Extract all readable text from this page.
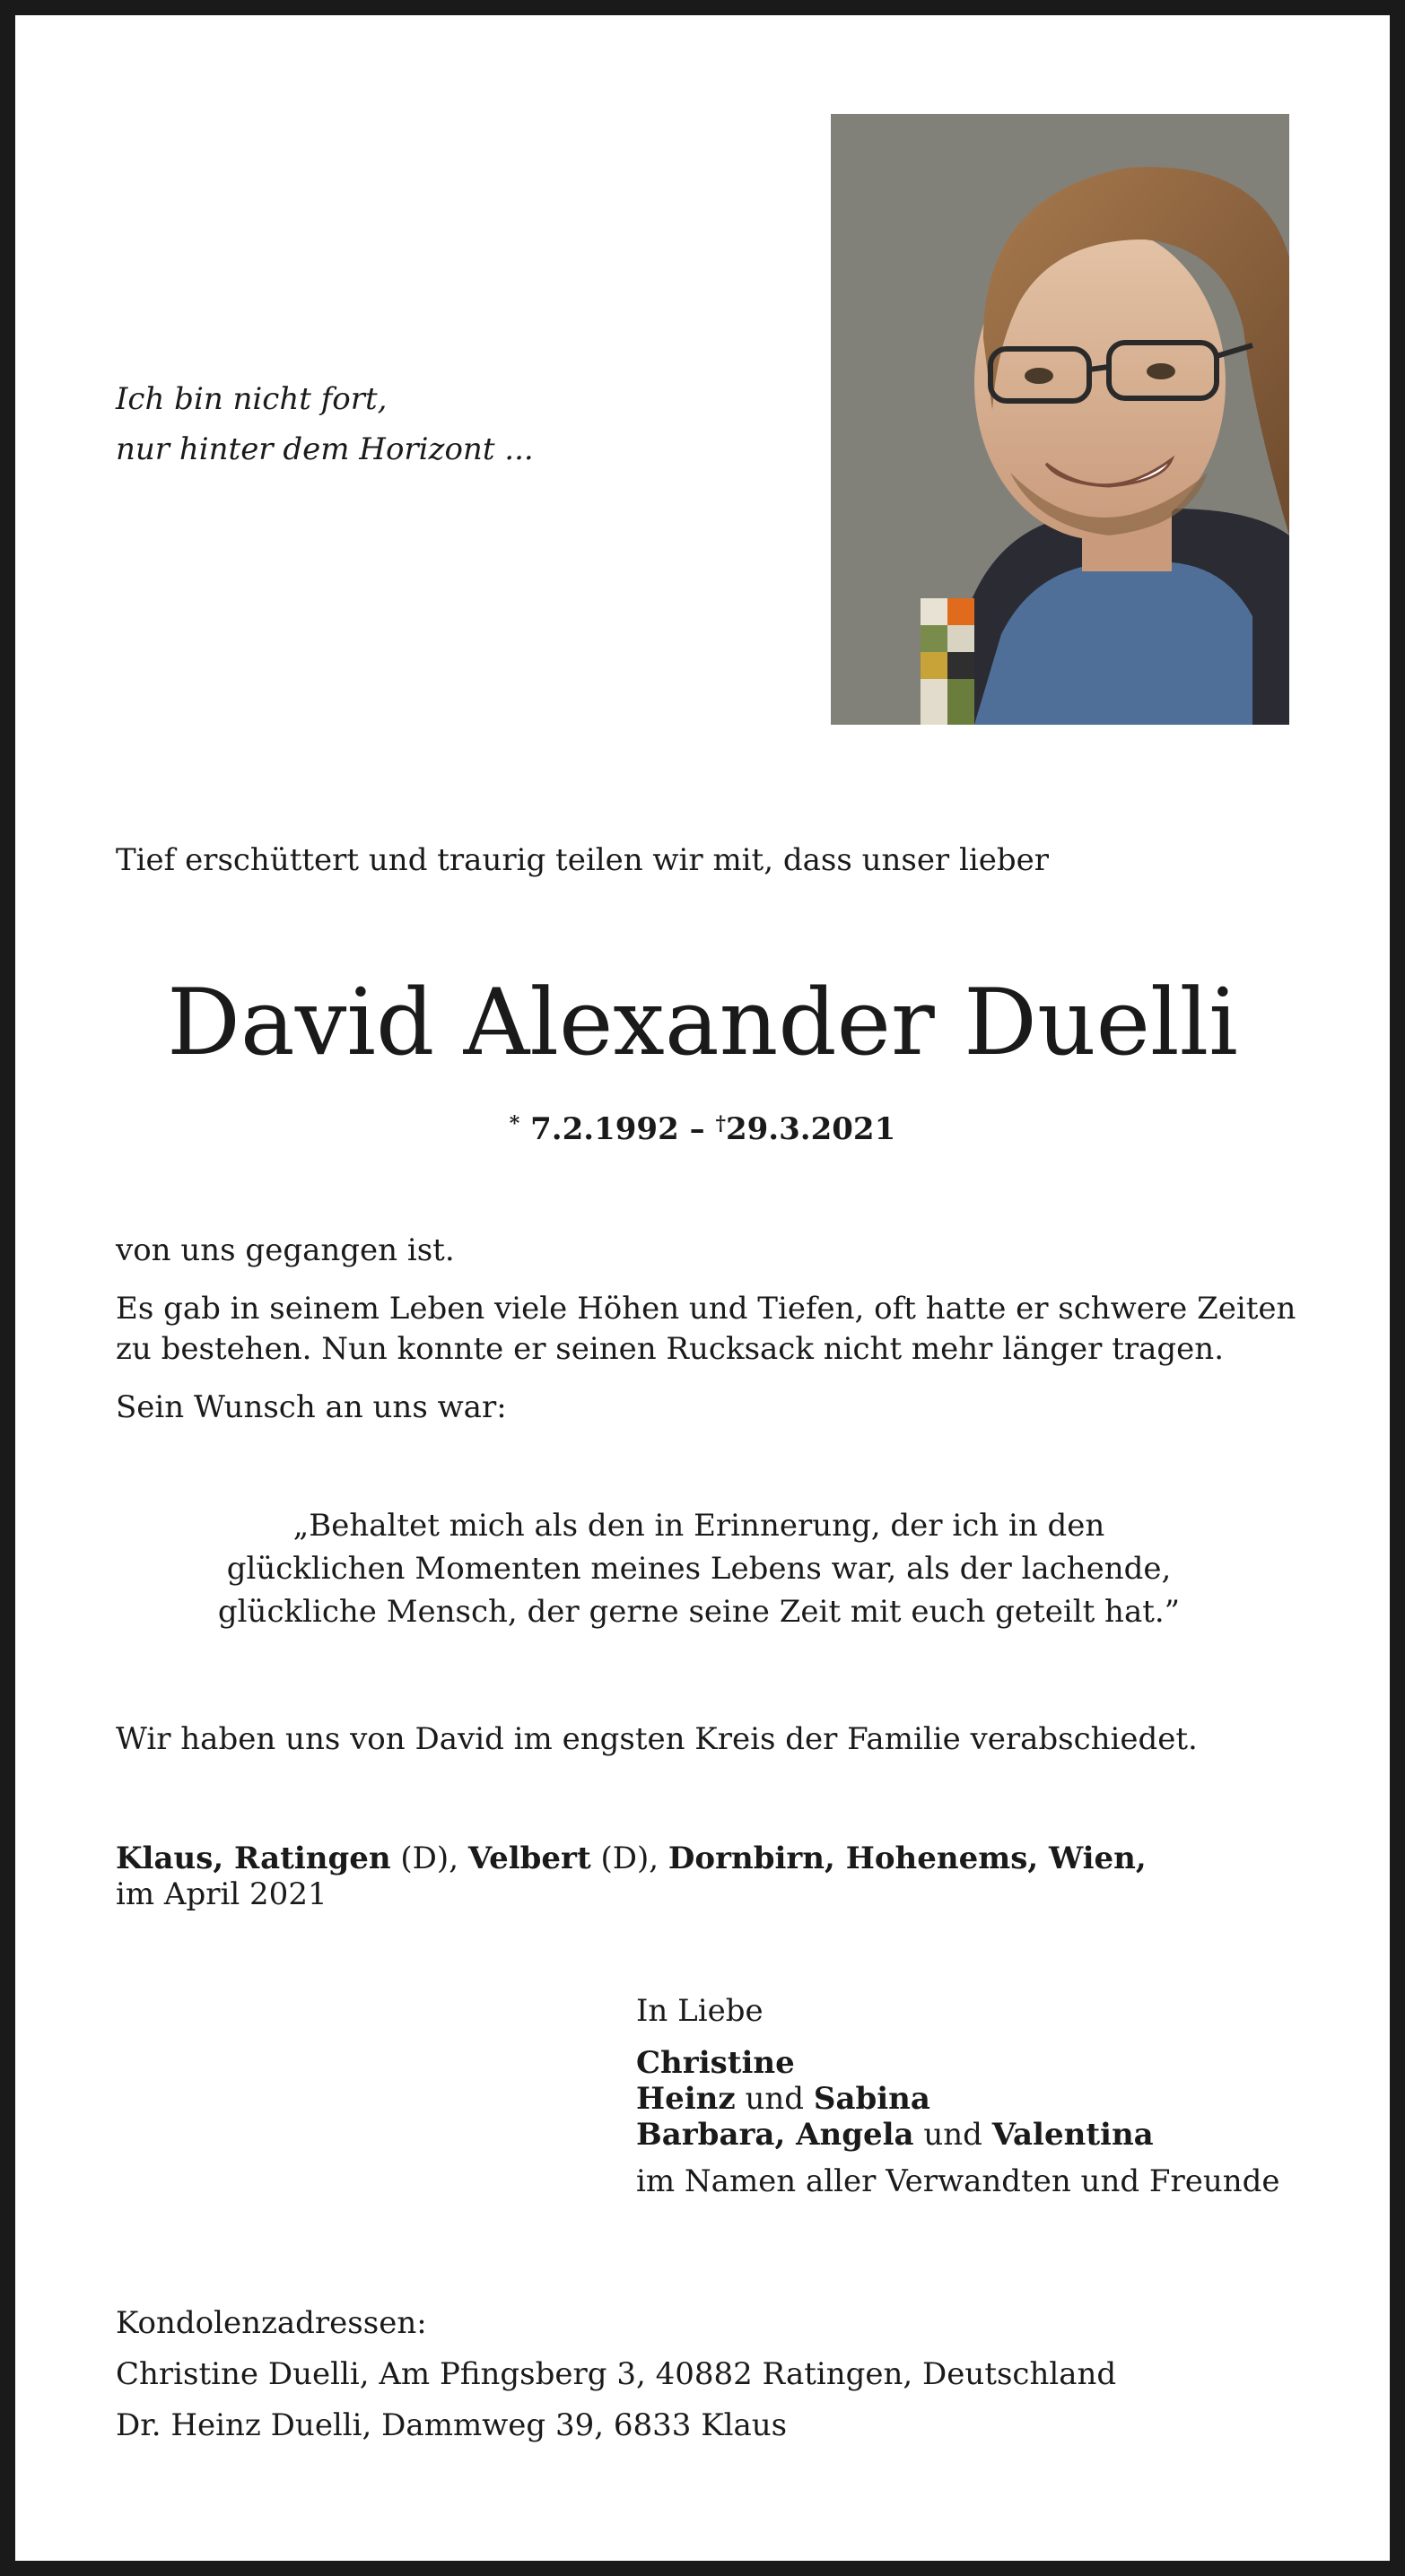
Ich bin nicht fort,
nur hinter dem Horizont ...

Tief erschüttert und traurig teilen wir mit, dass unser lieber

David Alexander Duelli

* 7.2.1992 – †29.3.2021

von uns gegangen ist.

Es gab in seinem Leben viele Höhen und Tiefen, oft hatte er schwere Zeiten
zu bestehen. Nun konnte er seinen Rucksack nicht mehr länger tragen.

Sein Wunsch an uns war:

„Behaltet mich als den in Erinnerung, der ich in den
glücklichen Momenten meines Lebens war, als der lachende,
glückliche Mensch, der gerne seine Zeit mit euch geteilt hat.”

Wir haben uns von David im engsten Kreis der Familie verabschiedet.

Klaus, Ratingen (D), Velbert (D), Dornbirn, Hohenems, Wien,
im April 2021

In Liebe
Christine
Heinz und Sabina
Barbara, Angela und Valentina
im Namen aller Verwandten und Freunde

Kondolenzadressen:
Christine Duelli, Am Pfingsberg 3, 40882 Ratingen, Deutschland
Dr. Heinz Duelli, Dammweg 39, 6833 Klaus
